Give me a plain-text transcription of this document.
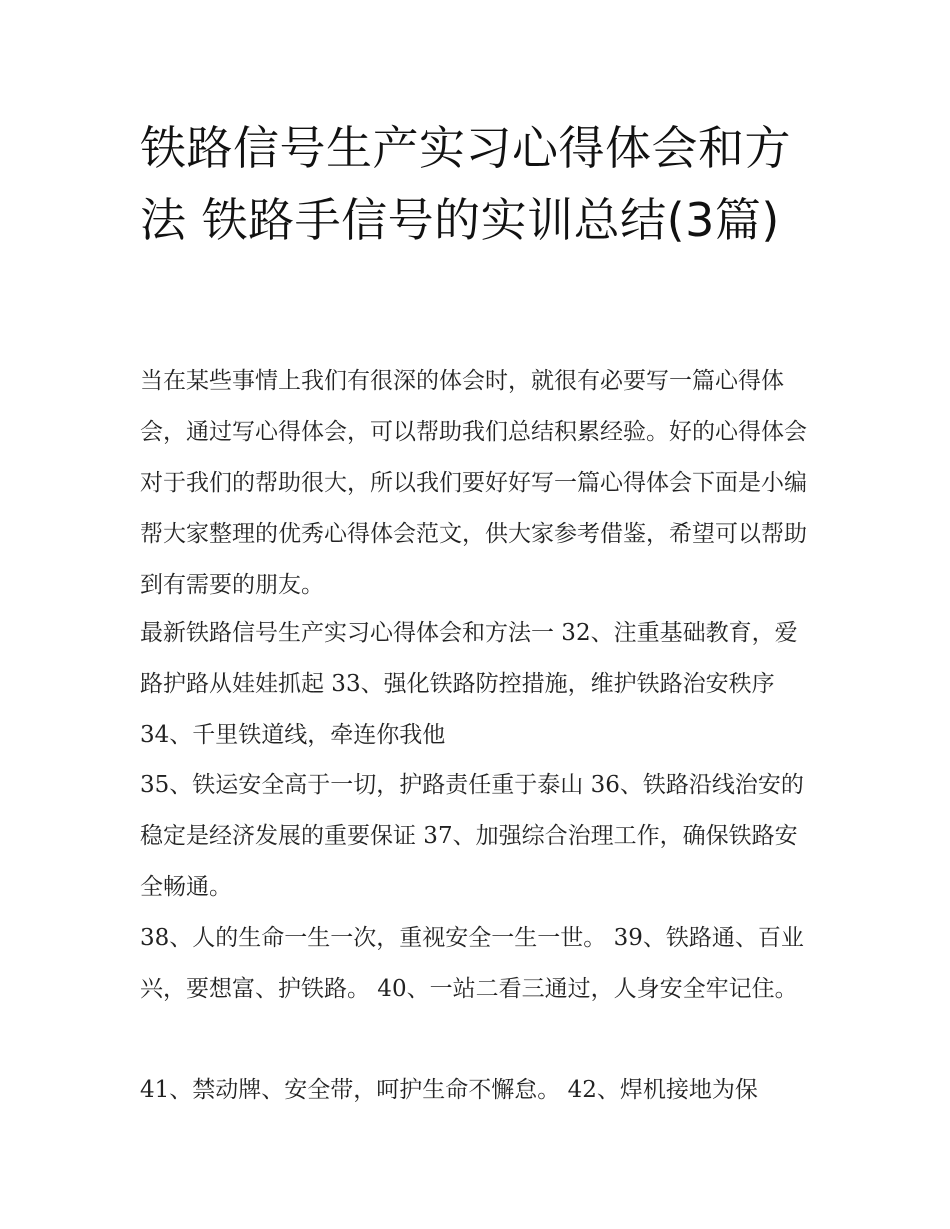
铁路信号生产实习心得体会和方法 铁路手信号的实训总结(3篇)

当在某些事情上我们有很深的体会时，就很有必要写一篇心得体会，通过写心得体会，可以帮助我们总结积累经验。好的心得体会对于我们的帮助很大，所以我们要好好写一篇心得体会下面是小编帮大家整理的优秀心得体会范文，供大家参考借鉴，希望可以帮助到有需要的朋友。

最新铁路信号生产实习心得体会和方法一 32、注重基础教育，爱路护路从娃娃抓起 33、强化铁路防控措施，维护铁路治安秩序 34、千里铁道线，牵连你我他

35、铁运安全高于一切，护路责任重于泰山 36、铁路沿线治安的稳定是经济发展的重要保证 37、加强综合治理工作，确保铁路安全畅通。

38、人的生命一生一次，重视安全一生一世。 39、铁路通、百业兴，要想富、护铁路。 40、一站二看三通过，人身安全牢记住。

41、禁动牌、安全带，呵护生命不懈怠。 42、焊机接地为保
